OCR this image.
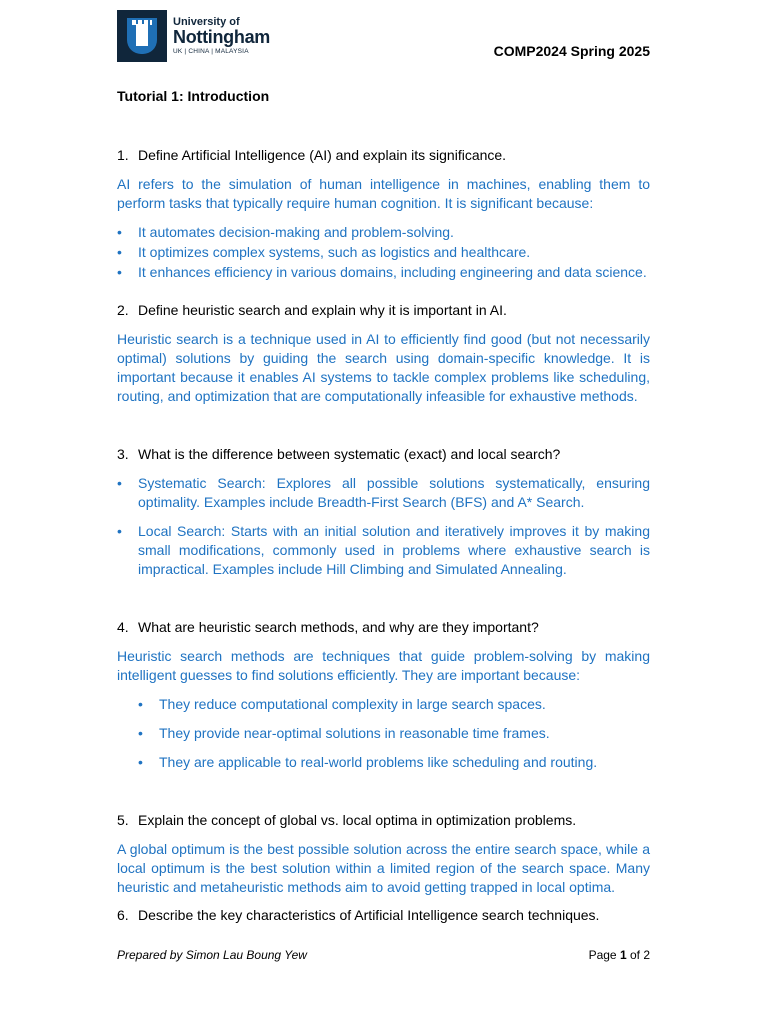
University of
Nottingham
UK | CHINA | MALAYSIA	COMP2024 Spring 2025
Tutorial 1: Introduction

1. Define Artificial Intelligence (AI) and explain its significance.

AI refers to the simulation of human intelligence in machines, enabling them to perform tasks that typically require human cognition. It is significant because:

• It automates decision-making and problem-solving.
• It optimizes complex systems, such as logistics and healthcare.
• It enhances efficiency in various domains, including engineering and data science.

2. Define heuristic search and explain why it is important in AI.

Heuristic search is a technique used in AI to efficiently find good (but not necessarily optimal) solutions by guiding the search using domain-specific knowledge. It is important because it enables AI systems to tackle complex problems like scheduling, routing, and optimization that are computationally infeasible for exhaustive methods.

3. What is the difference between systematic (exact) and local search?

• Systematic Search: Explores all possible solutions systematically, ensuring optimality. Examples include Breadth-First Search (BFS) and A* Search.
• Local Search: Starts with an initial solution and iteratively improves it by making small modifications, commonly used in problems where exhaustive search is impractical. Examples include Hill Climbing and Simulated Annealing.

4. What are heuristic search methods, and why are they important?

Heuristic search methods are techniques that guide problem-solving by making intelligent guesses to find solutions efficiently. They are important because:

• They reduce computational complexity in large search spaces.
• They provide near-optimal solutions in reasonable time frames.
• They are applicable to real-world problems like scheduling and routing.

5. Explain the concept of global vs. local optima in optimization problems.

A global optimum is the best possible solution across the entire search space, while a local optimum is the best solution within a limited region of the search space. Many heuristic and metaheuristic methods aim to avoid getting trapped in local optima.

6. Describe the key characteristics of Artificial Intelligence search techniques.

Prepared by Simon Lau Boung Yew	Page 1 of 2
